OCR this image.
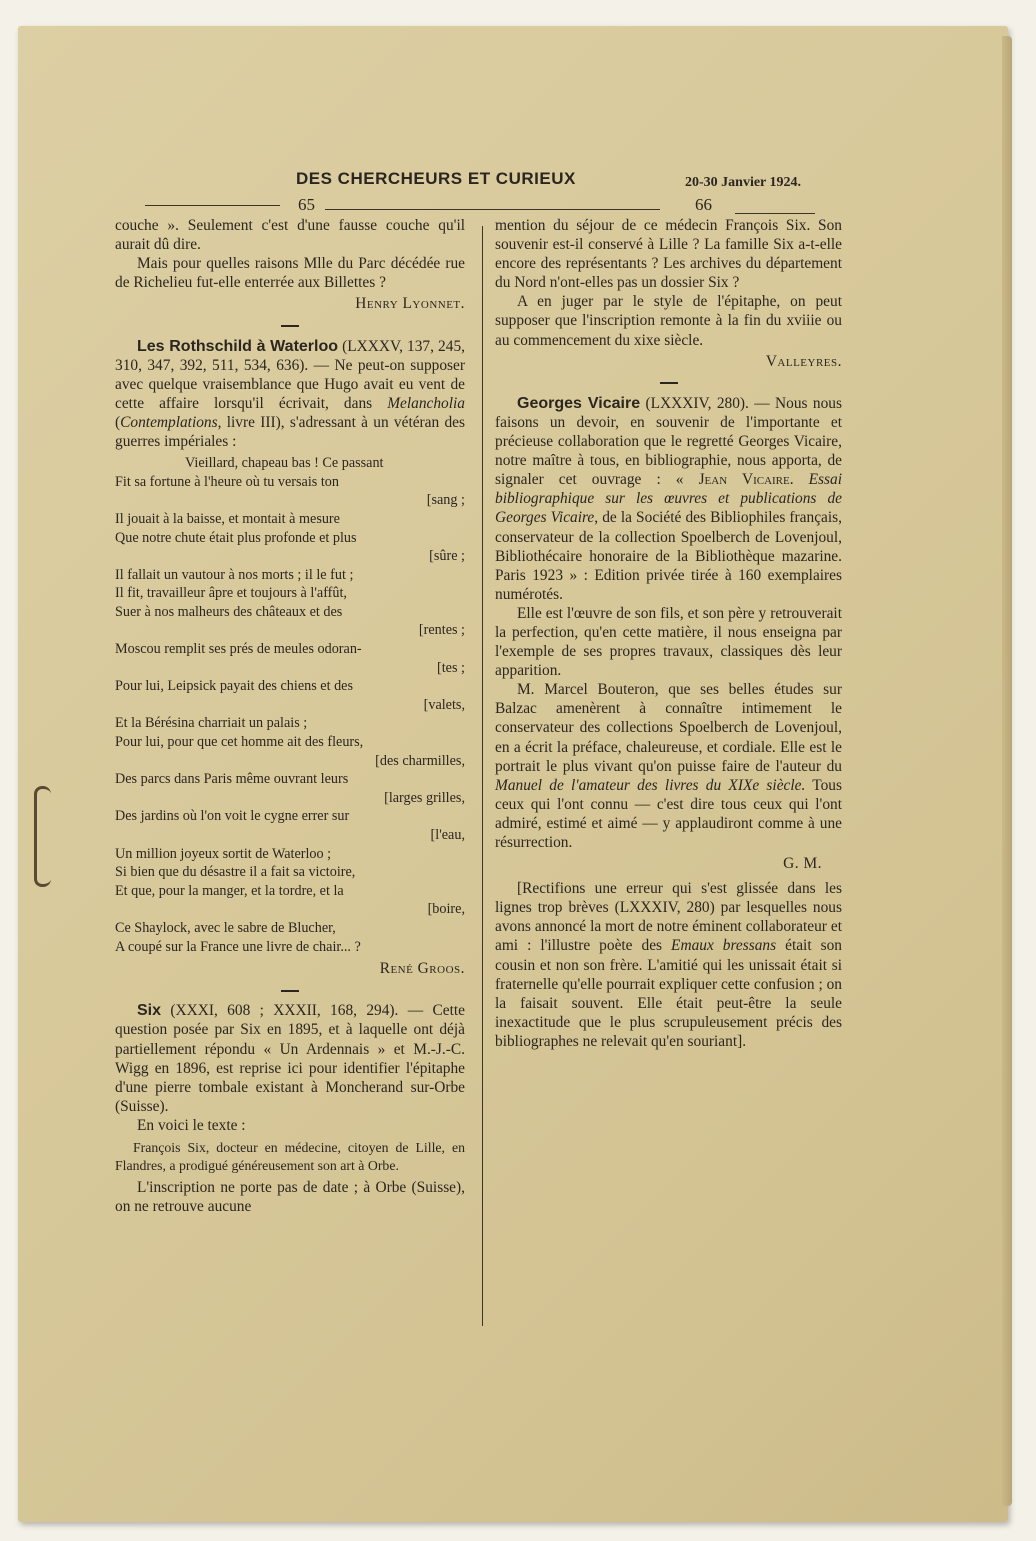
DES CHERCHEURS ET CURIEUX	20-30 Janvier 1924.
65	66

couche ». Seulement c'est d'une fausse couche qu'il aurait dû dire.

Mais pour quelles raisons Mlle du Parc décédée rue de Richelieu fut-elle enterrée aux Billettes ?

Henry Lyonnet.

Les Rothschild à Waterloo (LXXXV, 137, 245, 310, 347, 392, 511, 534, 636). — Ne peut-on supposer avec quelque vraisemblance que Hugo avait eu vent de cette affaire lorsqu'il écrivait, dans Melancholia (Contemplations, livre III), s'adressant à un vétéran des guerres impériales :

Vieillard, chapeau bas ! Ce passant
Fit sa fortune à l'heure où tu versais ton
[sang ;
Il jouait à la baisse, et montait à mesure
Que notre chute était plus profonde et plus
[sûre ;
Il fallait un vautour à nos morts ; il le fut ;
Il fit, travailleur âpre et toujours à l'affût,
Suer à nos malheurs des châteaux et des
[rentes ;
Moscou remplit ses prés de meules odoran-
[tes ;
Pour lui, Leipsick payait des chiens et des
[valets,
Et la Bérésina charriait un palais ;
Pour lui, pour que cet homme ait des fleurs,
[des charmilles,
Des parcs dans Paris même ouvrant leurs
[larges grilles,
Des jardins où l'on voit le cygne errer sur
[l'eau,
Un million joyeux sortit de Waterloo ;
Si bien que du désastre il a fait sa victoire,
Et que, pour la manger, et la tordre, et la
[boire,
Ce Shaylock, avec le sabre de Blucher,
A coupé sur la France une livre de chair... ?

René Groos.

Six (XXXI, 608 ; XXXII, 168, 294). — Cette question posée par Six en 1895, et à laquelle ont déjà partiellement répondu « Un Ardennais » et M.-J.-C. Wigg en 1896, est reprise ici pour identifier l'épitaphe d'une pierre tombale existant à Moncherand sur-Orbe (Suisse).

En voici le texte :

François Six, docteur en médecine, citoyen de Lille, en Flandres, a prodigué généreusement son art à Orbe.

L'inscription ne porte pas de date ; à Orbe (Suisse), on ne retrouve aucune

mention du séjour de ce médecin François Six. Son souvenir est-il conservé à Lille ? La famille Six a-t-elle encore des représentants ? Les archives du département du Nord n'ont-elles pas un dossier Six ?

A en juger par le style de l'épitaphe, on peut supposer que l'inscription remonte à la fin du xviiie ou au commencement du xixe siècle.

Valleyres.

Georges Vicaire (LXXXIV, 280). — Nous nous faisons un devoir, en souvenir de l'importante et précieuse collaboration que le regretté Georges Vicaire, notre maître à tous, en bibliographie, nous apporta, de signaler cet ouvrage : « Jean Vicaire. Essai bibliographique sur les œuvres et publications de Georges Vicaire, de la Société des Bibliophiles français, conservateur de la collection Spoelberch de Lovenjoul, Bibliothécaire honoraire de la Bibliothèque mazarine. Paris 1923 » : Edition privée tirée à 160 exemplaires numérotés.

Elle est l'œuvre de son fils, et son père y retrouverait la perfection, qu'en cette matière, il nous enseigna par l'exemple de ses propres travaux, classiques dès leur apparition.

M. Marcel Bouteron, que ses belles études sur Balzac amenèrent à connaître intimement le conservateur des collections Spoelberch de Lovenjoul, en a écrit la préface, chaleureuse, et cordiale. Elle est le portrait le plus vivant qu'on puisse faire de l'auteur du Manuel de l'amateur des livres du XIXe siècle. Tous ceux qui l'ont connu — c'est dire tous ceux qui l'ont admiré, estimé et aimé — y applaudiront comme à une résurrection.

G. M.

[Rectifions une erreur qui s'est glissée dans les lignes trop brèves (LXXXIV, 280) par lesquelles nous avons annoncé la mort de notre éminent collaborateur et ami : l'illustre poète des Emaux bressans était son cousin et non son frère. L'amitié qui les unissait était si fraternelle qu'elle pourrait expliquer cette confusion ; on la faisait souvent. Elle était peut-être la seule inexactitude que le plus scrupuleusement précis des bibliographes ne relevait qu'en souriant].
